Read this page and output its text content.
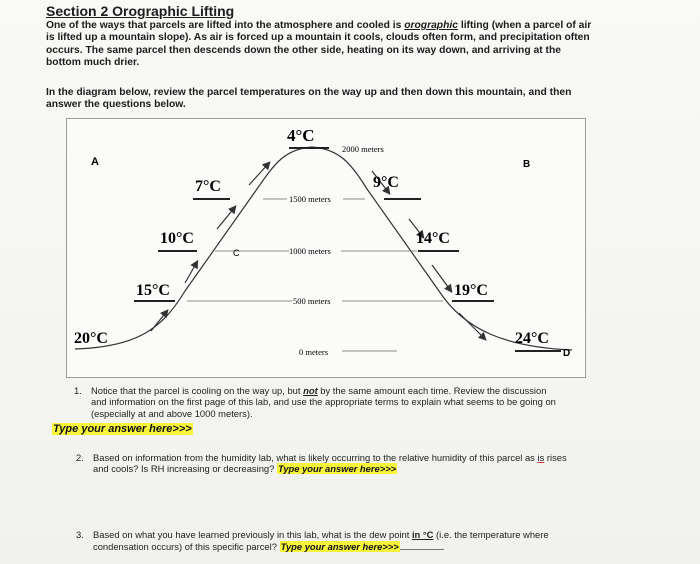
Section 2 Orographic Lifting
One of the ways that parcels are lifted into the atmosphere and cooled is orographic lifting (when a parcel of air is lifted up a mountain slope). As air is forced up a mountain it cools, clouds often form, and precipitation often occurs. The same parcel then descends down the other side, heating on its way down, and arriving at the bottom much drier.
In the diagram below, review the parcel temperatures on the way up and then down this mountain, and then answer the questions below.
A	B
C
D
2000 meters
1500 meters
1000 meters
500 meters
0 meters
4°C
7°C
10°C
15°C
20°C
9°C
14°C
19°C
24°C
1. Notice that the parcel is cooling on the way up, but not by the same amount each time. Review the discussion and information on the first page of this lab, and use the appropriate terms to explain what seems to be going on (especially at and above 1000 meters).
Type your answer here>>>
2. Based on information from the humidity lab, what is likely occurring to the relative humidity of this parcel as is rises and cools? Is RH increasing or decreasing? Type your answer here>>>
3. Based on what you have learned previously in this lab, what is the dew point in °C (i.e. the temperature where condensation occurs) of this specific parcel? Type your answer here>>>
